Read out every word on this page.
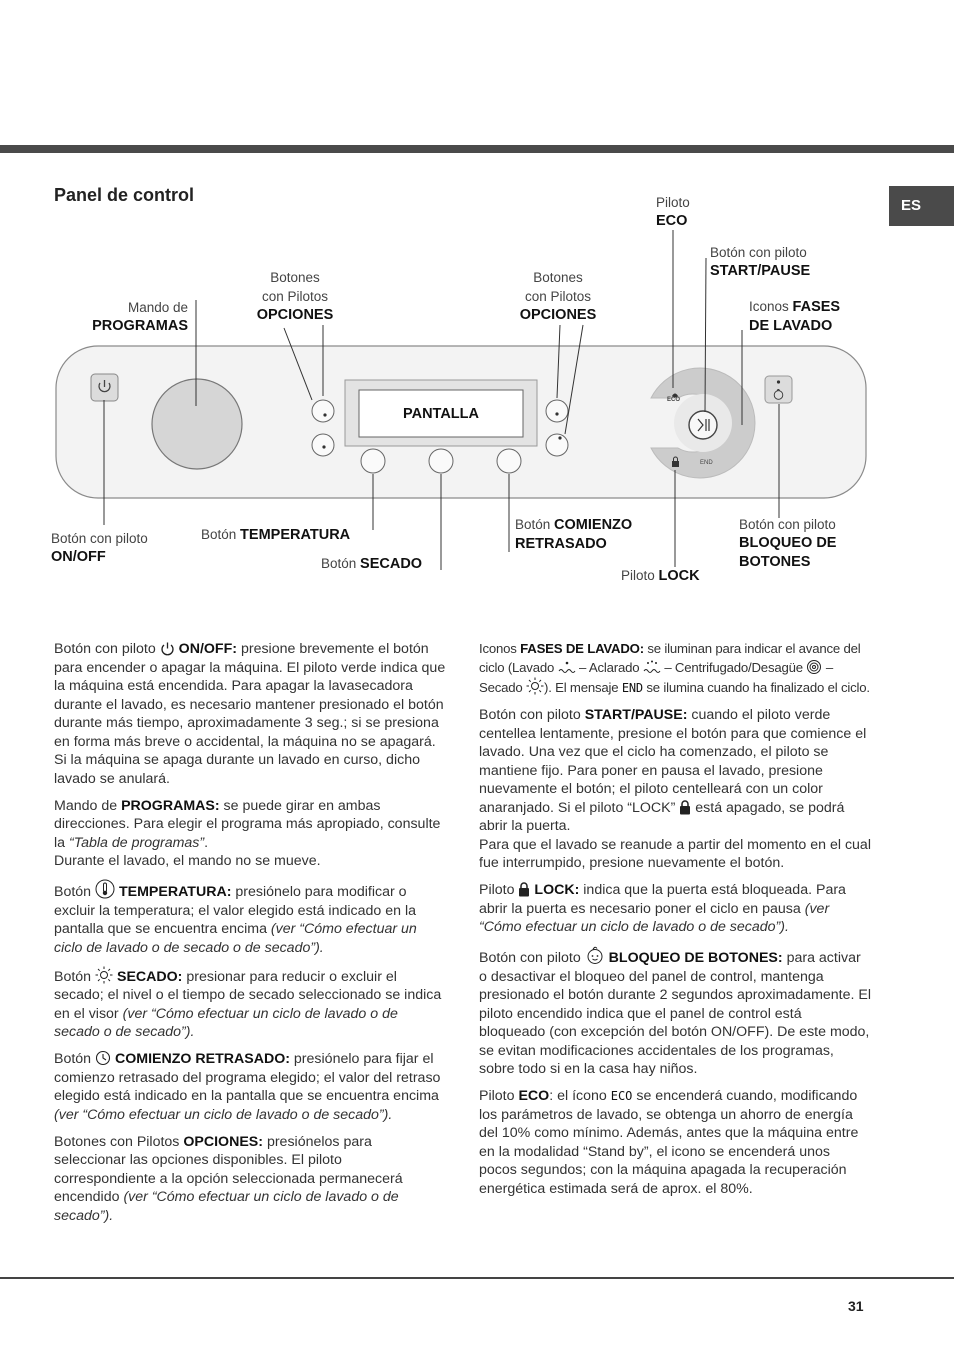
ES
Panel de control	Piloto
ECO
Botón con piloto
START/PAUSE
Iconos FASES
DE LAVADO
Mando de
PROGRAMAS
Botones
con Pilotos
OPCIONES
Botones
con Pilotos
OPCIONES
PANTALLA
ECO
END
Botón con piloto
ON/OFF
Botón TEMPERATURA
Botón SECADO
Botón COMIENZO
RETRASADO
Piloto LOCK
Botón con piloto
BLOQUEO DE
BOTONES

Botón con piloto ON/OFF: presione brevemente el botón para encender o apagar la máquina. El piloto verde indica que la máquina está encendida. Para apagar la lavasecadora durante el lavado, es necesario mantener presionado el botón durante más tiempo, aproximadamente 3 seg.; si se presiona en forma más breve o accidental, la máquina no se apagará. Si la máquina se apaga durante un lavado en curso, dicho lavado se anulará.

Mando de PROGRAMAS: se puede girar en ambas direcciones. Para elegir el programa más apropiado, consulte la “Tabla de programas”.
Durante el lavado, el mando no se mueve.

Botón TEMPERATURA: presiónelo para modificar o excluir la temperatura; el valor elegido está indicado en la pantalla que se encuentra encima (ver “Cómo efectuar un ciclo de lavado o de secado o de secado”).

Botón SECADO: presionar para reducir o excluir el secado; el nivel o el tiempo de secado seleccionado se indica en el visor (ver “Cómo efectuar un ciclo de lavado o de secado o de secado”).

Botón COMIENZO RETRASADO: presiónelo para fijar el comienzo retrasado del programa elegido; el valor del retraso elegido está indicado en la pantalla que se encuentra encima (ver “Cómo efectuar un ciclo de lavado o de secado”).

Botones con Pilotos OPCIONES: presiónelos para seleccionar las opciones disponibles. El piloto correspondiente a la opción seleccionada permanecerá encendido (ver “Cómo efectuar un ciclo de lavado o de secado”).

Iconos FASES DE LAVADO: se iluminan para indicar el avance del ciclo (Lavado – Aclarado – Centrifugado/Desagüe – Secado ). El mensaje END se ilumina cuando ha finalizado el ciclo.

Botón con piloto START/PAUSE: cuando el piloto verde centellea lentamente, presione el botón para que comience el lavado. Una vez que el ciclo ha comenzado, el piloto se mantiene fijo. Para poner en pausa el lavado, presione nuevamente el botón; el piloto centelleará con un color anaranjado. Si el piloto “LOCK” está apagado, se podrá abrir la puerta.
Para que el lavado se reanude a partir del momento en el cual fue interrumpido, presione nuevamente el botón.

Piloto LOCK: indica que la puerta está bloqueada. Para abrir la puerta es necesario poner el ciclo en pausa (ver “Cómo efectuar un ciclo de lavado o de secado”).

Botón con piloto BLOQUEO DE BOTONES: para activar o desactivar el bloqueo del panel de control, mantenga presionado el botón durante 2 segundos aproximadamente. El piloto encendido indica que el panel de control está bloqueado (con excepción del botón ON/OFF). De este modo, se evitan modificaciones accidentales de los programas, sobre todo si en la casa hay niños.

Piloto ECO: el ícono ECO se encenderá cuando, modificando los parámetros de lavado, se obtenga un ahorro de energía del 10% como mínimo. Además, antes que la máquina entre en la modalidad “Stand by”, el icono se encenderá unos pocos segundos; con la máquina apagada la recuperación energética estimada será de aprox. el 80%.

31
